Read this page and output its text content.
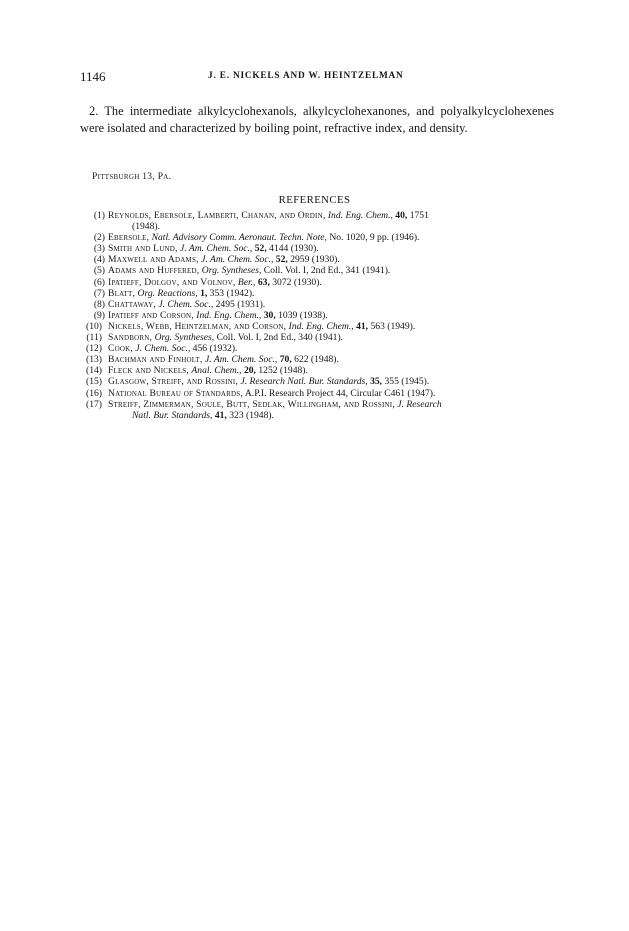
1146	J. E. NICKELS AND W. HEINTZELMAN

2. The intermediate alkylcyclohexanols, alkylcyclohexanones, and polyalkylcyclohexenes were isolated and characterized by boiling point, refractive index, and density.

Pittsburgh 13, Pa.
REFERENCES
(1) Reynolds, Ebersole, Lamberti, Chanan, and Ordin, Ind. Eng. Chem., 40, 1751
(1948).
(2) Ebersole, Natl. Advisory Comm. Aeronaut. Techn. Note, No. 1020, 9 pp. (1946).
(3) Smith and Lund, J. Am. Chem. Soc., 52, 4144 (1930).
(4) Maxwell and Adams, J. Am. Chem. Soc., 52, 2959 (1930).
(5) Adams and Huffered, Org. Syntheses, Coll. Vol. I, 2nd Ed., 341 (1941).
(6) Ipatieff, Dolgov, and Volnov, Ber., 63, 3072 (1930).
(7) Blatt, Org. Reactions, 1, 353 (1942).
(8) Chattaway, J. Chem. Soc., 2495 (1931).
(9) Ipatieff and Corson, Ind. Eng. Chem., 30, 1039 (1938).
(10) Nickels, Webb, Heintzelman, and Corson, Ind. Eng. Chem., 41, 563 (1949).
(11) Sandborn, Org. Syntheses, Coll. Vol. I, 2nd Ed., 340 (1941).
(12) Cook, J. Chem. Soc., 456 (1932).
(13) Bachman and Finholt, J. Am. Chem. Soc., 70, 622 (1948).
(14) Fleck and Nickels, Anal. Chem., 20, 1252 (1948).
(15) Glasgow, Streiff, and Rossini, J. Research Natl. Bur. Standards, 35, 355 (1945).
(16) National Bureau of Standards, A.P.I. Research Project 44, Circular C461 (1947).
(17) Streiff, Zimmerman, Soule, Butt, Sedlak, Willingham, and Rossini, J. Research
Natl. Bur. Standards, 41, 323 (1948).
